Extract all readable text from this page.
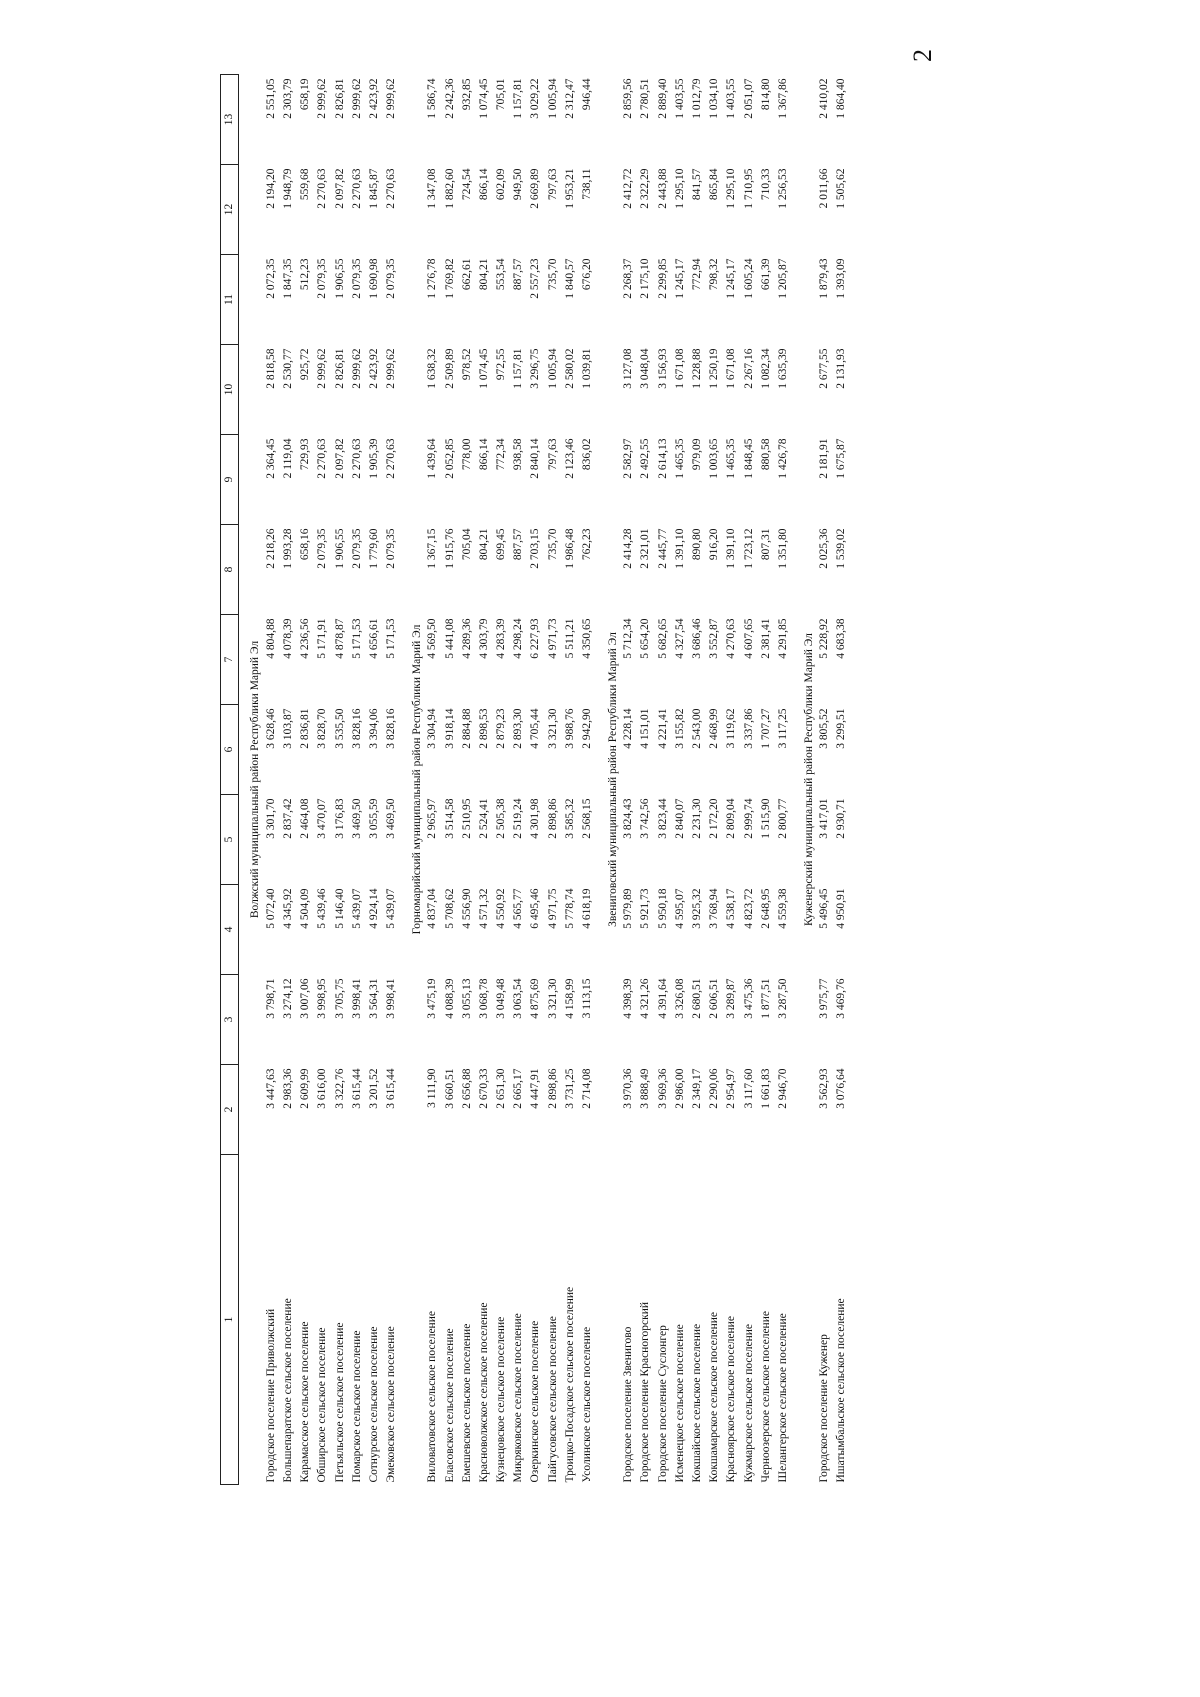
2
1	2	3	4	5	6	7	8	9	10	11	12	13

Волжский муниципальный район Республики Марий Эл												
Городское поселение Приволжский	3 447,63	3 798,71	5 072,40	3 301,70	3 628,46	4 804,88	2 218,26	2 364,45	2 818,58	2 072,35	2 194,20	2 551,05
Большепаратское сельское поселение	2 983,36	3 274,12	4 345,92	2 837,42	3 103,87	4 078,39	1 993,28	2 119,04	2 530,77	1 847,35	1 948,79	2 303,79
Карамасское сельское поселение	2 609,99	3 007,06	4 504,09	2 464,08	2 836,81	4 236,56	658,16	729,93	925,72	512,23	559,68	658,19
Обширское сельское поселение	3 616,00	3 998,95	5 439,46	3 470,07	3 828,70	5 171,91	2 079,35	2 270,63	2 999,62	2 079,35	2 270,63	2 999,62
Петьяльское сельское поселение	3 322,76	3 705,75	5 146,40	3 176,83	3 535,50	4 878,87	1 906,55	2 097,82	2 826,81	1 906,55	2 097,82	2 826,81
Помарское сельское поселение	3 615,44	3 998,41	5 439,07	3 469,50	3 828,16	5 171,53	2 079,35	2 270,63	2 999,62	2 079,35	2 270,63	2 999,62
Сотнурское сельское поселение	3 201,52	3 564,31	4 924,14	3 055,59	3 394,06	4 656,61	1 779,60	1 905,39	2 423,92	1 690,98	1 845,87	2 423,92
Эмековское сельское поселение	3 615,44	3 998,41	5 439,07	3 469,50	3 828,16	5 171,53	2 079,35	2 270,63	2 999,62	2 079,35	2 270,63	2 999,62

Горномарийский муниципальный район Республики Марий Эл												
Виловатовское сельское поселение	3 111,90	3 475,19	4 837,04	2 965,97	3 304,94	4 569,50	1 367,15	1 439,64	1 638,32	1 276,78	1 347,08	1 586,74
Еласовское сельское поселение	3 660,51	4 088,39	5 708,62	3 514,58	3 918,14	5 441,08	1 915,76	2 052,85	2 509,89	1 769,82	1 882,60	2 242,36
Емешевское сельское поселение	2 656,88	3 055,13	4 556,90	2 510,95	2 884,88	4 289,36	705,04	778,00	978,52	662,61	724,54	932,85
Красноволжское сельское поселение	2 670,33	3 068,78	4 571,32	2 524,41	2 898,53	4 303,79	804,21	866,14	1 074,45	804,21	866,14	1 074,45
Кузнецовское сельское поселение	2 651,30	3 049,48	4 550,92	2 505,38	2 879,23	4 283,39	699,45	772,34	972,55	553,54	602,09	705,01
Микряковское сельское поселение	2 665,17	3 063,54	4 565,77	2 519,24	2 893,30	4 298,24	887,57	938,58	1 157,81	887,57	949,50	1 157,81
Озеркинское сельское поселение	4 447,91	4 875,69	6 495,46	4 301,98	4 705,44	6 227,93	2 703,15	2 840,14	3 296,75	2 557,23	2 669,89	3 029,22
Пайгусовское сельское поселение	2 898,86	3 321,30	4 971,75	2 898,86	3 321,30	4 971,73	735,70	797,63	1 005,94	735,70	797,63	1 005,94
Троицко-Посадское сельское поселение	3 731,25	4 158,99	5 778,74	3 585,32	3 988,76	5 511,21	1 986,48	2 123,46	2 580,02	1 840,57	1 953,21	2 312,47
Усолинское сельское поселение	2 714,08	3 113,15	4 618,19	2 568,15	2 942,90	4 350,65	762,23	836,02	1 039,81	676,20	738,11	946,44

Звениговский муниципальный район Республики Марий Эл												
Городское поселение Звенигово	3 970,36	4 398,39	5 979,89	3 824,43	4 228,14	5 712,34	2 414,28	2 582,97	3 127,08	2 268,37	2 412,72	2 859,56
Городское поселение Красногорский	3 888,49	4 321,26	5 921,73	3 742,56	4 151,01	5 654,20	2 321,01	2 492,55	3 048,04	2 175,10	2 322,29	2 780,51
Городское поселение Суслонгер	3 969,36	4 391,64	5 950,18	3 823,44	4 221,41	5 682,65	2 445,77	2 614,13	3 156,93	2 299,85	2 443,88	2 889,40
Исменецкое сельское поселение	2 986,00	3 326,08	4 595,07	2 840,07	3 155,82	4 327,54	1 391,10	1 465,35	1 671,08	1 245,17	1 295,10	1 403,55
Кокшайское сельское поселение	2 349,17	2 680,51	3 925,32	2 231,30	2 543,00	3 686,46	890,80	979,09	1 228,88	772,94	841,57	1 012,79
Кокшамарское сельское поселение	2 290,06	2 606,51	3 768,94	2 172,20	2 468,99	3 552,87	916,20	1 003,65	1 250,19	798,32	865,84	1 034,10
Красноярское сельское поселение	2 954,97	3 289,87	4 538,17	2 809,04	3 119,62	4 270,63	1 391,10	1 465,35	1 671,08	1 245,17	1 295,10	1 403,55
Кужмарское сельское поселение	3 117,60	3 475,36	4 823,72	2 999,74	3 337,86	4 607,65	1 723,12	1 848,45	2 267,16	1 605,24	1 710,95	2 051,07
Черноозерское сельское поселение	1 661,83	1 877,51	2 648,95	1 515,90	1 707,27	2 381,41	807,31	880,58	1 082,34	661,39	710,33	814,80
Шелангерское сельское поселение	2 946,70	3 287,50	4 559,38	2 800,77	3 117,25	4 291,85	1 351,80	1 426,78	1 635,39	1 205,87	1 256,53	1 367,86

Куженерский муниципальный район Республики Марий Эл												
Городское поселение Куженер	3 562,93	3 975,77	5 496,45	3 417,01	3 805,52	5 228,92	2 025,36	2 181,91	2 677,55	1 879,43	2 011,66	2 410,02
Ишатымбальское сельское поселение	3 076,64	3 469,76	4 950,91	2 930,71	3 299,51	4 683,38	1 539,02	1 675,87	2 131,93	1 393,09	1 505,62	1 864,40
